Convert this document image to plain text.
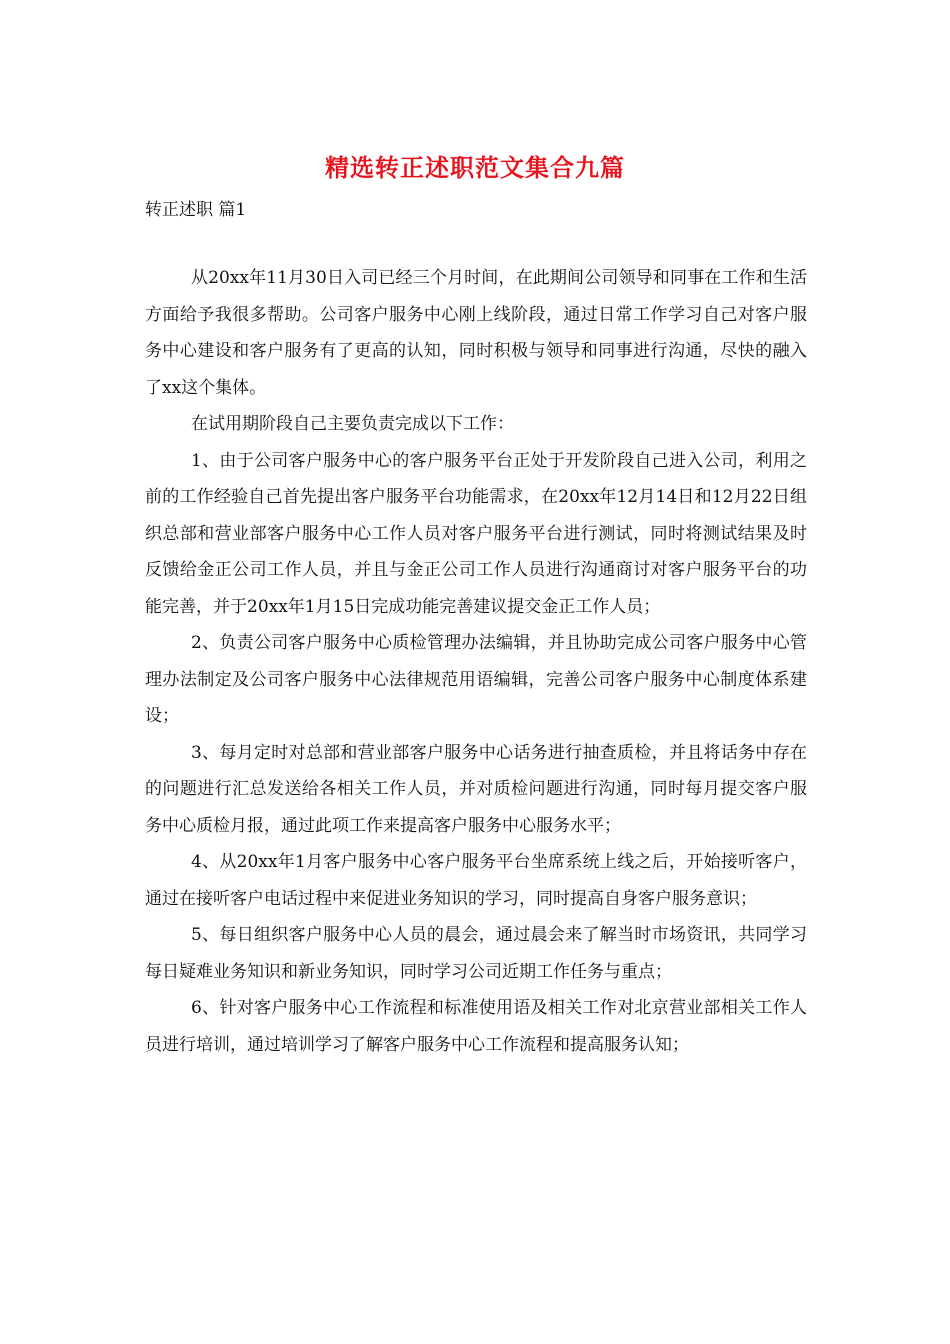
精选转正述职范文集合九篇
转正述职 篇1

从20xx年11月30日入司已经三个月时间，在此期间公司领导和同事在工作和生活方面给予我很多帮助。公司客户服务中心刚上线阶段，通过日常工作学习自己对客户服务中心建设和客户服务有了更高的认知，同时积极与领导和同事进行沟通，尽快的融入了xx这个集体。

在试用期阶段自己主要负责完成以下工作：

1、由于公司客户服务中心的客户服务平台正处于开发阶段自己进入公司，利用之前的工作经验自己首先提出客户服务平台功能需求，在20xx年12月14日和12月22日组织总部和营业部客户服务中心工作人员对客户服务平台进行测试，同时将测试结果及时反馈给金正公司工作人员，并且与金正公司工作人员进行沟通商讨对客户服务平台的功能完善，并于20xx年1月15日完成功能完善建议提交金正工作人员；

2、负责公司客户服务中心质检管理办法编辑，并且协助完成公司客户服务中心管理办法制定及公司客户服务中心法律规范用语编辑，完善公司客户服务中心制度体系建设；

3、每月定时对总部和营业部客户服务中心话务进行抽查质检，并且将话务中存在的问题进行汇总发送给各相关工作人员，并对质检问题进行沟通，同时每月提交客户服务中心质检月报，通过此项工作来提高客户服务中心服务水平；

4、从20xx年1月客户服务中心客户服务平台坐席系统上线之后，开始接听客户，通过在接听客户电话过程中来促进业务知识的学习，同时提高自身客户服务意识；

5、每日组织客户服务中心人员的晨会，通过晨会来了解当时市场资讯，共同学习每日疑难业务知识和新业务知识，同时学习公司近期工作任务与重点；

6、针对客户服务中心工作流程和标准使用语及相关工作对北京营业部相关工作人员进行培训，通过培训学习了解客户服务中心工作流程和提高服务认知；
